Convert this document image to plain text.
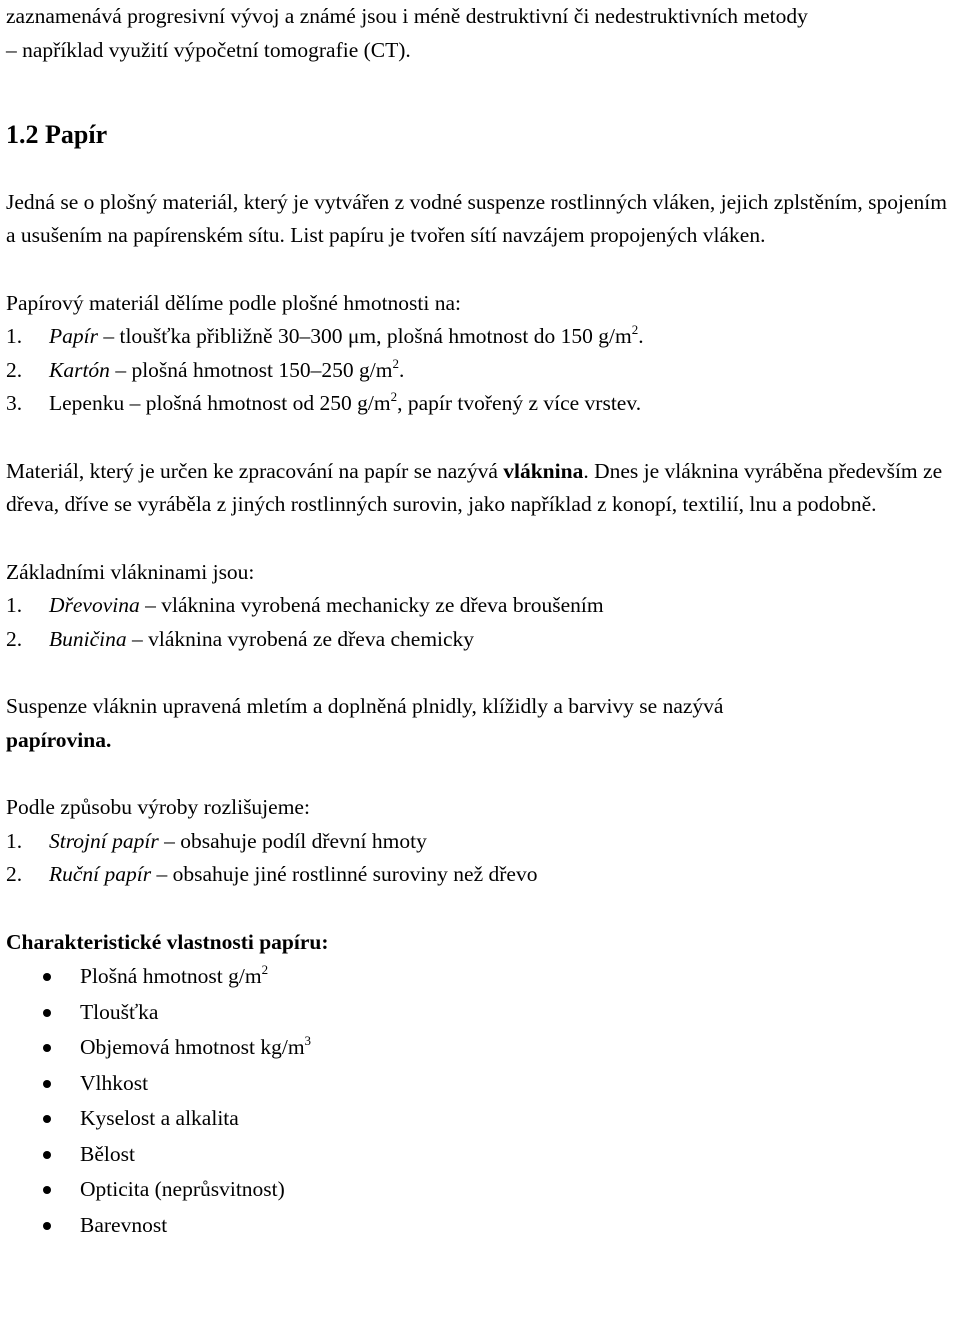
zaznamenává progresivní vývoj a známé jsou i méně destruktivní či nedestruktivních metody

– například využití výpočetní tomografie (CT).

1.2 Papír

Jedná se o plošný materiál, který je vytvářen z vodné suspenze rostlinných vláken, jejich zplstěním, spojením a usušením na papírenském sítu. List papíru je tvořen sítí navzájem propojených vláken.

Papírový materiál dělíme podle plošné hmotnosti na:

1.	Papír – tloušťka přibližně 30–300 μm, plošná hmotnost do 150 $g/m^2$.
2.	Kartón – plošná hmotnost 150–250 $g/m^2$.
3.	Lepenku – plošná hmotnost od 250 $g/m^2$, papír tvořený z více vrstev.

Materiál, který je určen ke zpracování na papír se nazývá vláknina. Dnes je vláknina vyráběna především ze dřeva, dříve se vyráběla z jiných rostlinných surovin, jako například z konopí, textilií, lnu a podobně.

Základními vlákninami jsou:

1.	Dřevovina – vláknina vyrobená mechanicky ze dřeva broušením
2.	Buničina – vláknina vyrobená ze dřeva chemicky

Suspenze vláknin upravená mletím a doplněná plnidly, klížidly a barvivy se nazývá
papírovina.

Podle způsobu výroby rozlišujeme:

1.	Strojní papír – obsahuje podíl dřevní hmoty
2.	Ruční papír – obsahuje jiné rostlinné suroviny než dřevo

Charakteristické vlastnosti papíru:

Plošná hmotnost $g/m^2$
Tloušťka
Objemová hmotnost $kg/m^3$
Vlhkost
Kyselost a alkalita
Bělost
Opticita (neprůsvitnost)
Barevnost
